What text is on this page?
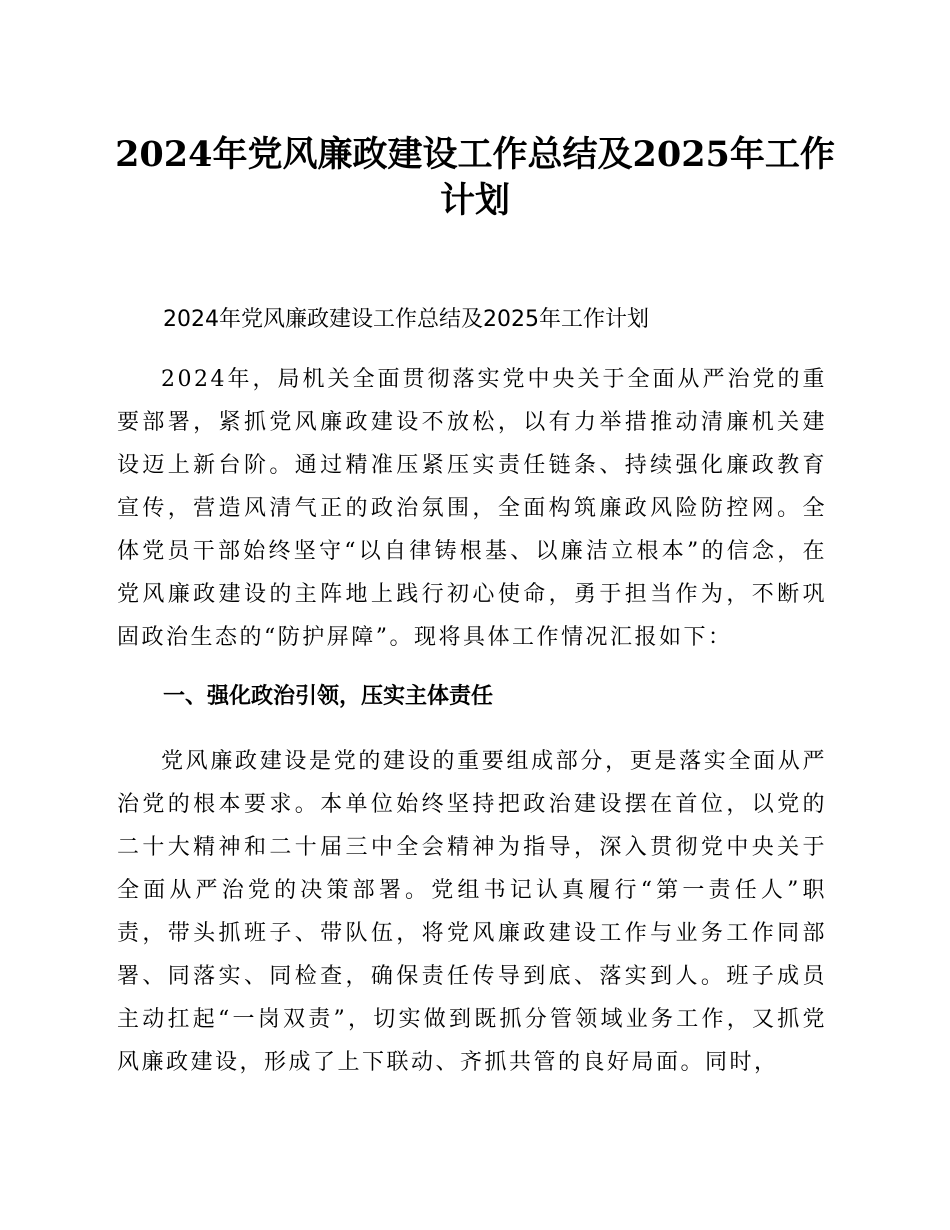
2024年党风廉政建设工作总结及2025年工作计划

2024年党风廉政建设工作总结及2025年工作计划

2024年，局机关全面贯彻落实党中央关于全面从严治党的重要部署，紧抓党风廉政建设不放松，以有力举措推动清廉机关建设迈上新台阶。通过精准压紧压实责任链条、持续强化廉政教育宣传，营造风清气正的政治氛围，全面构筑廉政风险防控网。全体党员干部始终坚守“以自律铸根基、以廉洁立根本”的信念，在党风廉政建设的主阵地上践行初心使命，勇于担当作为，不断巩固政治生态的“防护屏障”。现将具体工作情况汇报如下：

一、强化政治引领，压实主体责任

党风廉政建设是党的建设的重要组成部分，更是落实全面从严治党的根本要求。本单位始终坚持把政治建设摆在首位，以党的二十大精神和二十届三中全会精神为指导，深入贯彻党中央关于全面从严治党的决策部署。党组书记认真履行“第一责任人”职责，带头抓班子、带队伍，将党风廉政建设工作与业务工作同部署、同落实、同检查，确保责任传导到底、落实到人。班子成员主动扛起“一岗双责”，切实做到既抓分管领域业务工作，又抓党风廉政建设，形成了上下联动、齐抓共管的良好局面。同时，
